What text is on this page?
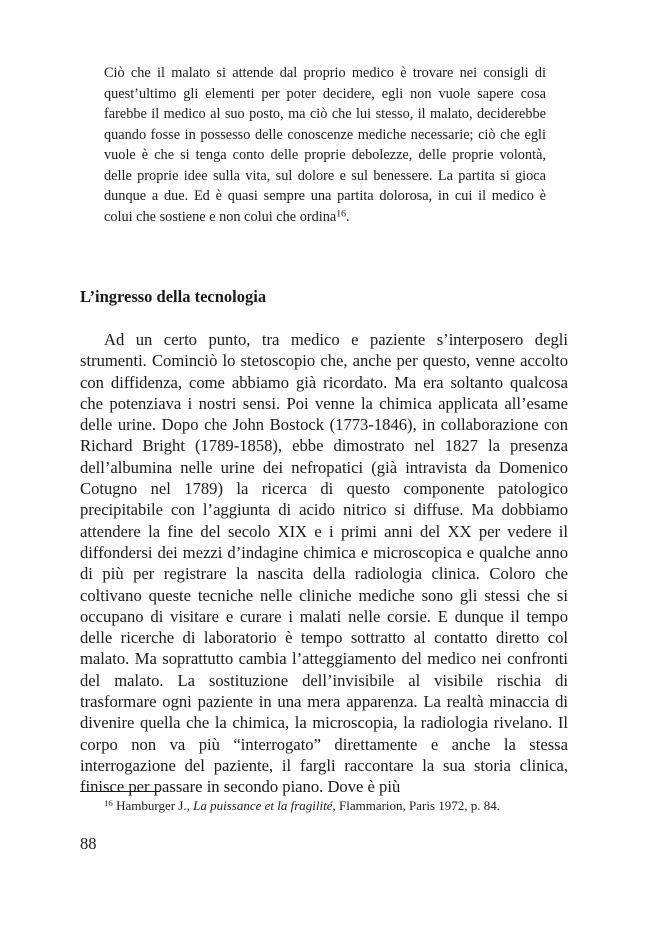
Ciò che il malato si attende dal proprio medico è trovare nei consigli di quest’ultimo gli elementi per poter decidere, egli non vuole sapere cosa farebbe il medico al suo posto, ma ciò che lui stesso, il malato, deciderebbe quando fosse in possesso delle conoscenze mediche necessarie; ciò che egli vuole è che si tenga conto delle proprie debolezze, delle proprie volontà, delle proprie idee sulla vita, sul dolore e sul benessere. La partita si gioca dunque a due. Ed è quasi sempre una partita dolorosa, in cui il medico è colui che sostiene e non colui che ordina$^{16}$.

L’ingresso della tecnologia

Ad un certo punto, tra medico e paziente s’interposero degli strumenti. Cominciò lo stetoscopio che, anche per questo, venne accolto con diffidenza, come abbiamo già ricordato. Ma era soltanto qualcosa che potenziava i nostri sensi. Poi venne la chimica applicata all’esame delle urine. Dopo che John Bostock (1773-1846), in collaborazione con Richard Bright (1789-1858), ebbe dimostrato nel 1827 la presenza dell’albumina nelle urine dei nefropatici (già intravista da Domenico Cotugno nel 1789) la ricerca di questo componente patologico precipitabile con l’aggiunta di acido nitrico si diffuse. Ma dobbiamo attendere la fine del secolo XIX e i primi anni del XX per vedere il diffondersi dei mezzi d’indagine chimica e microscopica e qualche anno di più per registrare la nascita della radiologia clinica. Coloro che coltivano queste tecniche nelle cliniche mediche sono gli stessi che si occupano di visitare e curare i malati nelle corsie. E dunque il tempo delle ricerche di laboratorio è tempo sottratto al contatto diretto col malato. Ma soprattutto cambia l’atteggiamento del medico nei confronti del malato. La sostituzione dell’invisibile al visibile rischia di trasformare ogni paziente in una mera apparenza. La realtà minaccia di divenire quella che la chimica, la microscopia, la radiologia rivelano. Il corpo non va più “interrogato” direttamente e anche la stessa interrogazione del paziente, il fargli raccontare la sua storia clinica, finisce per passare in secondo piano. Dove è più

$^{16}$ Hamburger J., La puissance et la fragilité, Flammarion, Paris 1972, p. 84.

88
